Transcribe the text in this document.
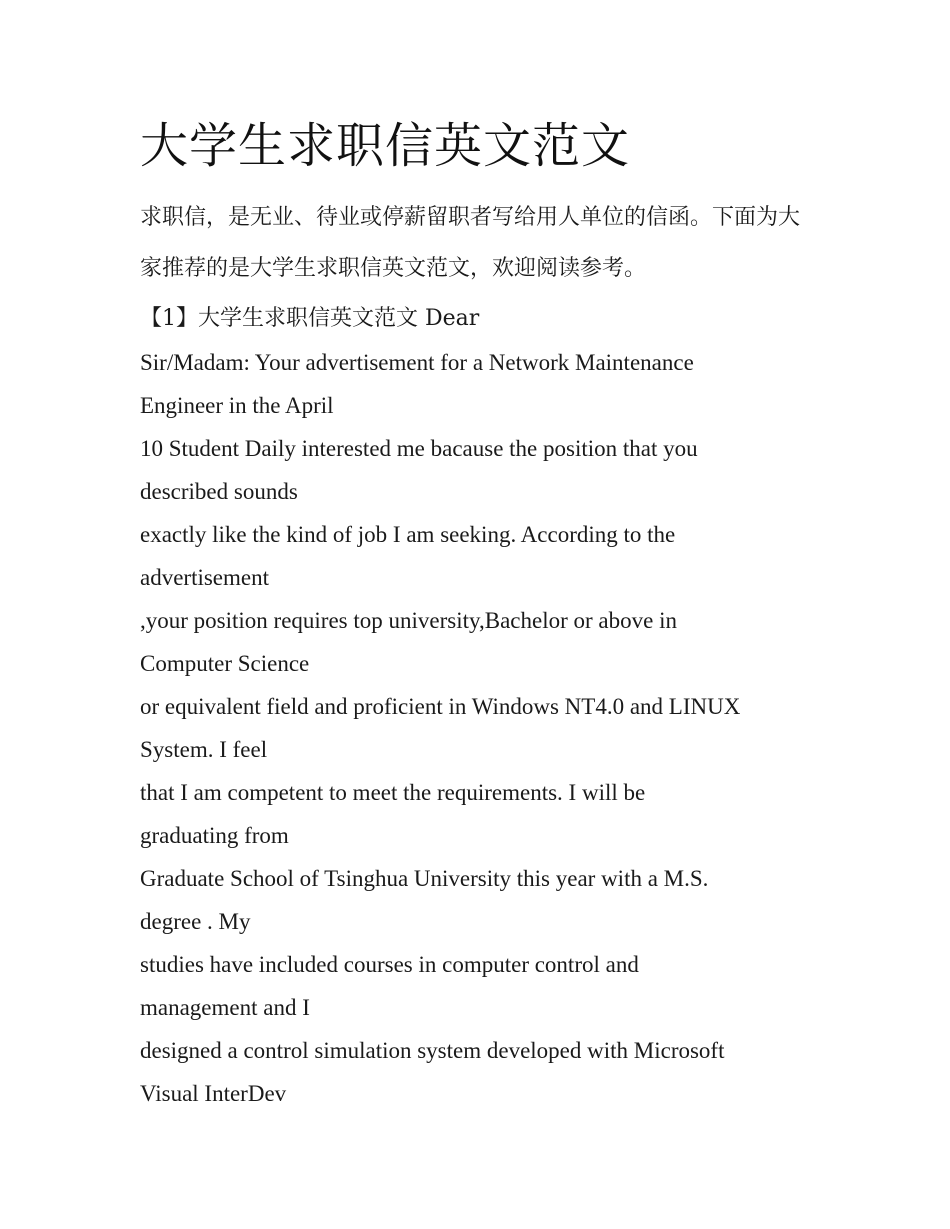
大学生求职信英文范文

求职信，是无业、待业或停薪留职者写给用人单位的信函。下面为大家推荐的是大学生求职信英文范文，欢迎阅读参考。

【1】大学生求职信英文范文 Dear

Sir/Madam: Your advertisement for a Network Maintenance

Engineer in the April

10 Student Daily interested me bacause the position that you

described sounds

exactly like the kind of job I am seeking. According to the

advertisement

,your position requires top university,Bachelor or above in

Computer Science

or equivalent field and proficient in Windows NT4.0 and LINUX

System. I feel

that I am competent to meet the requirements. I will be

graduating from

Graduate School of Tsinghua University this year with a M.S.

degree . My

studies have included courses in computer control and

management and I

designed a control simulation system developed with Microsoft

Visual InterDev
